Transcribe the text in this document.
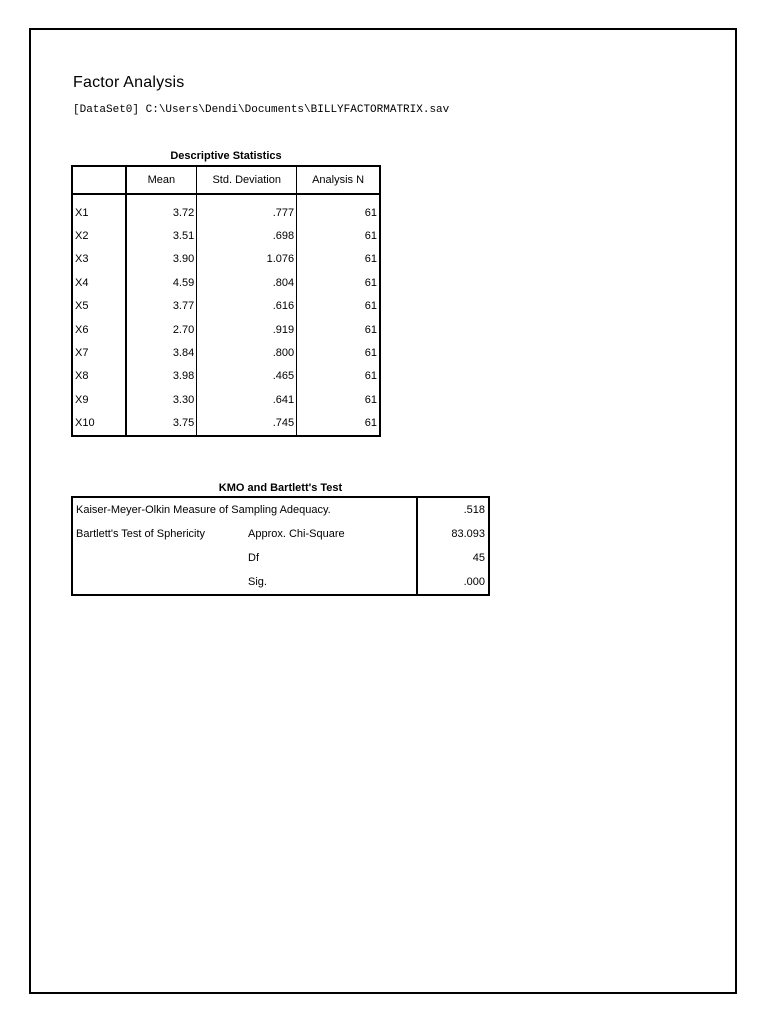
Factor Analysis
[DataSet0] C:\Users\Dendi\Documents\BILLYFACTORMATRIX.sav
Descriptive Statistics
	Mean	Std. Deviation	Analysis N
X1	3.72	.777	61
X2	3.51	.698	61
X3	3.90	1.076	61
X4	4.59	.804	61
X5	3.77	.616	61
X6	2.70	.919	61
X7	3.84	.800	61
X8	3.98	.465	61
X9	3.30	.641	61
X10	3.75	.745	61
KMO and Bartlett's Test
Kaiser-Meyer-Olkin Measure of Sampling Adequacy.		.518
Bartlett's Test of Sphericity	Approx. Chi-Square	83.093
	Df	45
	Sig.	.000
